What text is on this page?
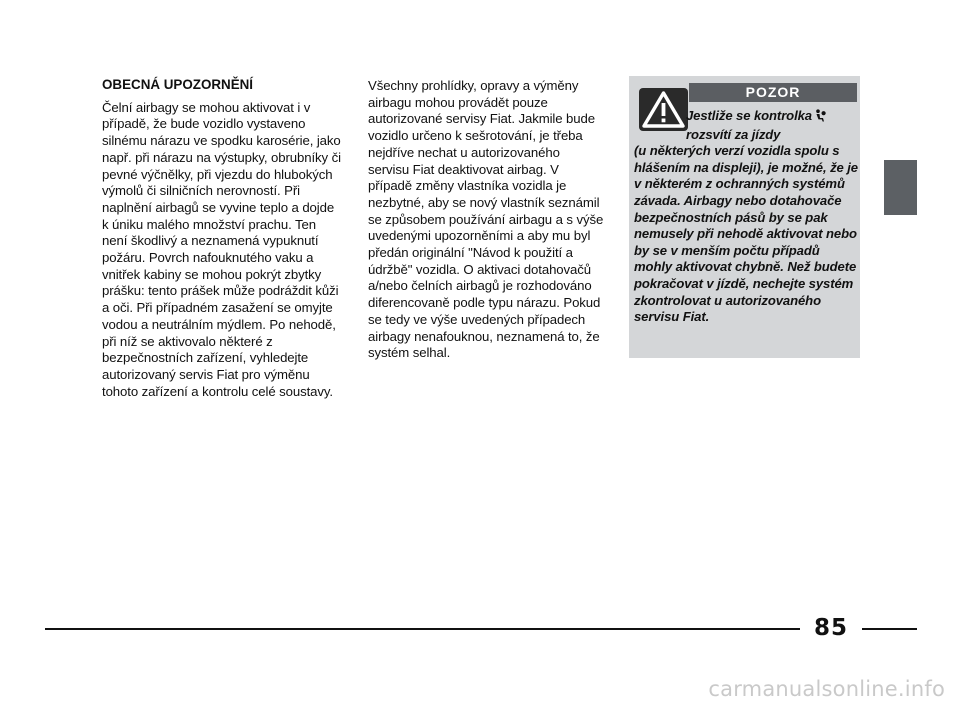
OBECNÁ UPOZORNĚNÍ

Čelní airbagy se mohou aktivovat i v případě, že bude vozidlo vystaveno silnému nárazu ve spodku karosérie, jako např. při nárazu na výstupky, obrubníky či pevné výčnělky, při vjezdu do hlubokých výmolů či silničních nerovností. Při naplnění airbagů se vyvine teplo a dojde k úniku malého množství prachu. Ten není škodlivý a neznamená vypuknutí požáru. Povrch nafouknutého vaku a vnitřek kabiny se mohou pokrýt zbytky prášku: tento prášek může podráždit kůži a oči. Při případném zasažení se omyjte vodou a neutrálním mýdlem. Po nehodě, při níž se aktivovalo některé z bezpečnostních zařízení, vyhledejte autorizovaný servis Fiat pro výměnu tohoto zařízení a kontrolu celé soustavy.

Všechny prohlídky, opravy a výměny airbagu mohou provádět pouze autorizované servisy Fiat. Jakmile bude vozidlo určeno k sešrotování, je třeba nejdříve nechat u autorizovaného servisu Fiat deaktivovat airbag. V případě změny vlastníka vozidla je nezbytné, aby se nový vlastník seznámil se způsobem používání airbagu a s výše uvedenými upozorněními a aby mu byl předán originální "Návod k použití a údržbě" vozidla. O aktivaci dotahovačů a/nebo čelních airbagů je rozhodováno diferencovaně podle typu nárazu. Pokud se tedy ve výše uvedených případech airbagy nenafouknou, neznamená to, že systém selhal.

POZOR
Jestliže se kontrolka
rozsvítí za jízdy
(u některých verzí vozidla spolu s hlášením na displeji), je možné, že je v některém z ochranných systémů závada. Airbagy nebo dotahovače bezpečnostních pásů by se pak nemusely při nehodě aktivovat nebo by se v menším počtu případů mohly aktivovat chybně. Než budete pokračovat v jízdě, nechejte systém zkontrolovat u autorizovaného servisu Fiat.
85
carmanualsonline.info
